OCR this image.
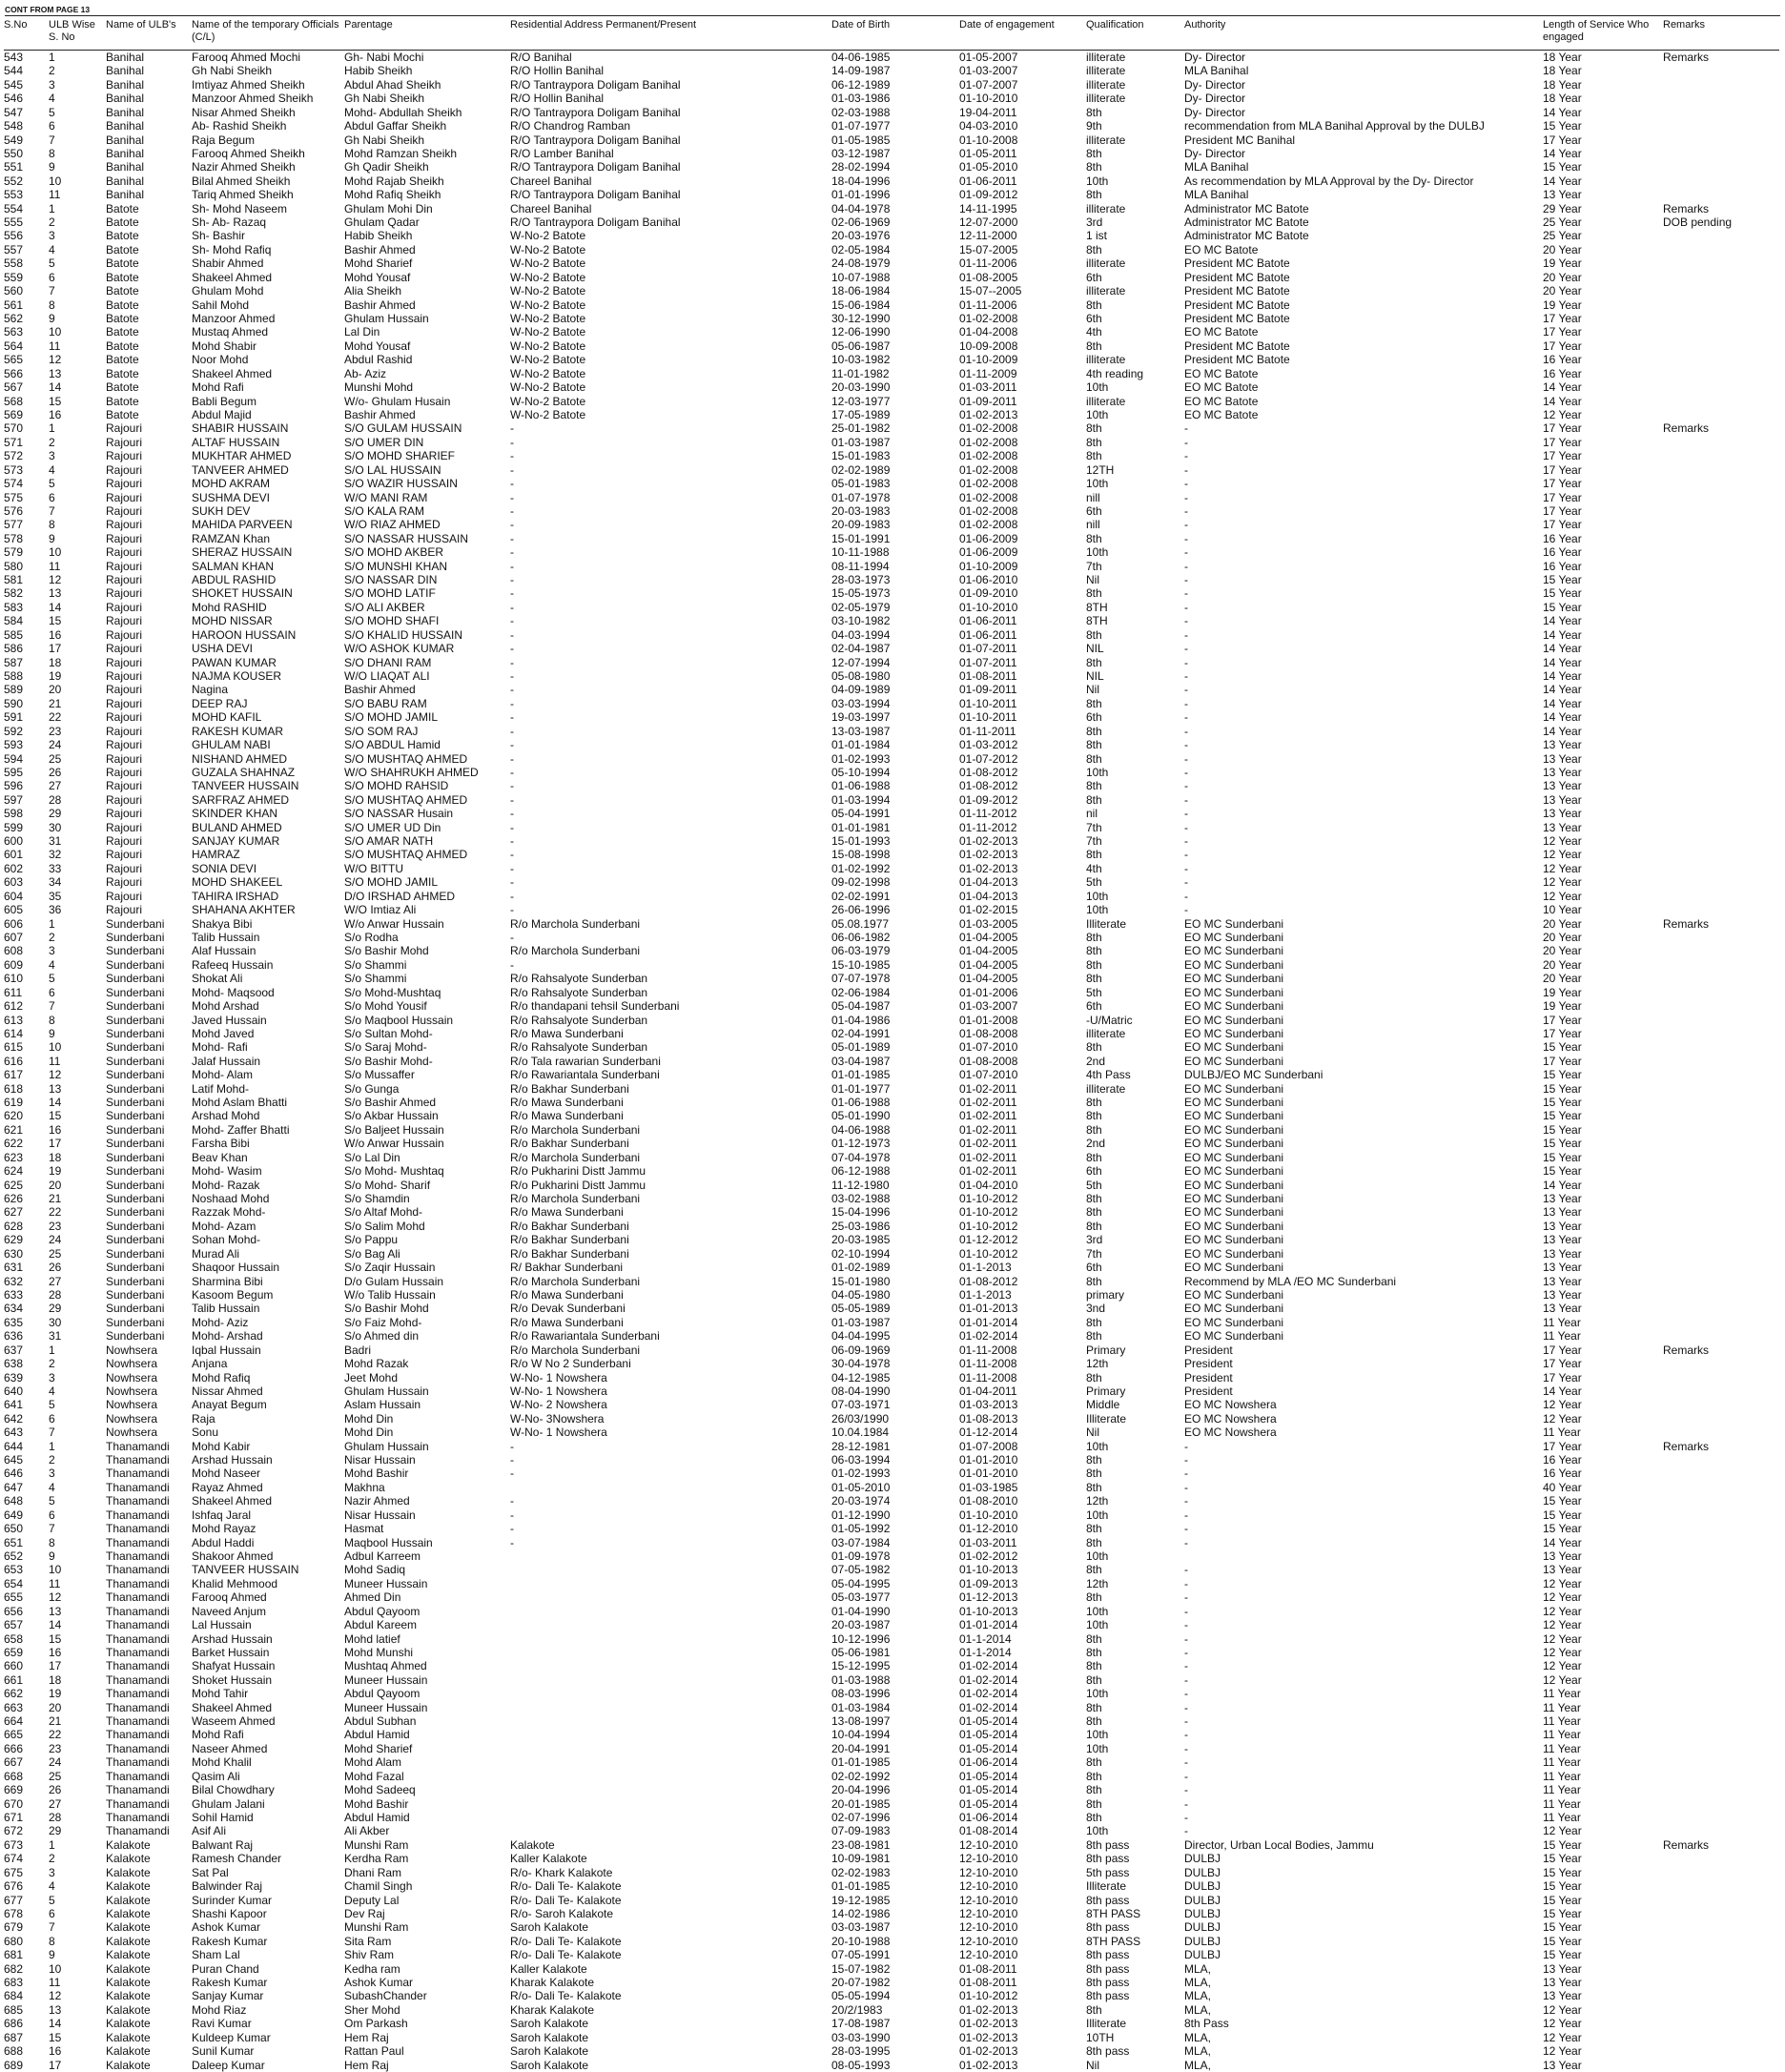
CONT FROM PAGE 13
S.No	ULB Wise S. No	Name of ULB's	Name of the temporary Officials (C/L)	Parentage	Residential Address Permanent/Present	Date of Birth	Date of engagement	Qualification	Authority	Length of Service Who engaged	Remarks
543	1	Banihal	Farooq Ahmed Mochi	Gh- Nabi Mochi	R/O Banihal	04-06-1985	01-05-2007	illiterate	Dy- Director	18 Year	Remarks
544	2	Banihal	Gh Nabi Sheikh	Habib Sheikh	R/O Hollin Banihal	14-09-1987	01-03-2007	illiterate	MLA Banihal	18 Year	
545	3	Banihal	Imtiyaz Ahmed Sheikh	Abdul Ahad Sheikh	R/O Tantraypora Doligam Banihal	06-12-1989	01-07-2007	illiterate	Dy- Director	18 Year	
546	4	Banihal	Manzoor Ahmed Sheikh	Gh Nabi Sheikh	R/O Hollin Banihal	01-03-1986	01-10-2010	illiterate	Dy- Director	18 Year	
547	5	Banihal	Nisar Ahmed Sheikh	Mohd- Abdullah Sheikh	R/O Tantraypora Doligam Banihal	02-03-1988	19-04-2011	8th	Dy- Director	14 Year	
548	6	Banihal	Ab- Rashid Sheikh	Abdul Gaffar Sheikh	R/O Chandrog Ramban	01-07-1977	04-03-2010	9th	recommendation from MLA Banihal Approval by the DULBJ	15 Year	
549	7	Banihal	Raja Begum	Gh Nabi Sheikh	R/O Tantraypora Doligam Banihal	01-05-1985	01-10-2008	illiterate	President MC Banihal	17 Year	
550	8	Banihal	Farooq Ahmed Sheikh	Mohd Ramzan Sheikh	R/O Lamber Banihal	03-12-1987	01-05-2011	8th	Dy- Director	14 Year	
551	9	Banihal	Nazir Ahmed Sheikh	Gh Qadir Sheikh	R/O Tantraypora Doligam Banihal	28-02-1994	01-05-2010	8th	MLA Banihal	15 Year	
552	10	Banihal	Bilal Ahmed Sheikh	Mohd Rajab Sheikh	Chareel Banihal	18-04-1996	01-06-2011	10th	As recommendation by MLA Approval by the Dy- Director	14 Year	
553	11	Banihal	Tariq Ahmed Sheikh	Mohd Rafiq Sheikh	R/O Tantraypora Doligam Banihal	01-01-1996	01-09-2012	8th	MLA Banihal	13 Year	
554	1	Batote	Sh- Mohd Naseem	Ghulam Mohi Din	Chareel Banihal	04-04-1978	14-11-1995	illiterate	Administrator MC Batote	29 Year	Remarks
555	2	Batote	Sh- Ab- Razaq	Ghulam Qadar	R/O Tantraypora Doligam Banihal	02-06-1969	12-07-2000	3rd	Administrator MC Batote	25 Year	DOB pending
556	3	Batote	Sh- Bashir	Habib Sheikh	W-No-2 Batote	20-03-1976	12-11-2000	1 ist	Administrator MC Batote	25 Year	
557	4	Batote	Sh- Mohd Rafiq	Bashir Ahmed	W-No-2 Batote	02-05-1984	15-07-2005	8th	EO MC Batote	20 Year	
558	5	Batote	Shabir Ahmed	Mohd Sharief	W-No-2 Batote	24-08-1979	01-11-2006	illiterate	President MC Batote	19 Year	
559	6	Batote	Shakeel Ahmed	Mohd Yousaf	W-No-2 Batote	10-07-1988	01-08-2005	6th	President MC Batote	20 Year	
560	7	Batote	Ghulam Mohd	Alia Sheikh	W-No-2 Batote	18-06-1984	15-07--2005	illiterate	President MC Batote	20 Year	
561	8	Batote	Sahil Mohd	Bashir Ahmed	W-No-2 Batote	15-06-1984	01-11-2006	8th	President MC Batote	19 Year	
562	9	Batote	Manzoor Ahmed	Ghulam Hussain	W-No-2 Batote	30-12-1990	01-02-2008	6th	President MC Batote	17 Year	
563	10	Batote	Mustaq Ahmed	Lal Din	W-No-2 Batote	12-06-1990	01-04-2008	4th	EO MC Batote	17 Year	
564	11	Batote	Mohd Shabir	Mohd Yousaf	W-No-2 Batote	05-06-1987	10-09-2008	8th	President MC Batote	17 Year	
565	12	Batote	Noor Mohd	Abdul Rashid	W-No-2 Batote	10-03-1982	01-10-2009	illiterate	President MC Batote	16 Year	
566	13	Batote	Shakeel Ahmed	Ab- Aziz	W-No-2 Batote	11-01-1982	01-11-2009	4th reading	EO MC Batote	16 Year	
567	14	Batote	Mohd Rafi	Munshi Mohd	W-No-2 Batote	20-03-1990	01-03-2011	10th	EO MC Batote	14 Year	
568	15	Batote	Babli Begum	W/o- Ghulam Husain	W-No-2 Batote	12-03-1977	01-09-2011	illiterate	EO MC Batote	14 Year	
569	16	Batote	Abdul Majid	Bashir Ahmed	W-No-2 Batote	17-05-1989	01-02-2013	10th	EO MC Batote	12 Year	
570	1	Rajouri	SHABIR HUSSAIN	S/O GULAM HUSSAIN	-	25-01-1982	01-02-2008	8th	-	17 Year	Remarks
571	2	Rajouri	ALTAF HUSSAIN	S/O UMER DIN	-	01-03-1987	01-02-2008	8th	-	17 Year	
572	3	Rajouri	MUKHTAR AHMED	S/O MOHD SHARIEF	-	15-01-1983	01-02-2008	8th	-	17 Year	
573	4	Rajouri	TANVEER AHMED	S/O LAL HUSSAIN	-	02-02-1989	01-02-2008	12TH	-	17 Year	
574	5	Rajouri	MOHD AKRAM	S/O WAZIR HUSSAIN	-	05-01-1983	01-02-2008	10th	-	17 Year	
575	6	Rajouri	SUSHMA DEVI	W/O MANI RAM	-	01-07-1978	01-02-2008	nill	-	17 Year	
576	7	Rajouri	SUKH DEV	S/O KALA RAM	-	20-03-1983	01-02-2008	6th	-	17 Year	
577	8	Rajouri	MAHIDA PARVEEN	W/O RIAZ AHMED	-	20-09-1983	01-02-2008	nill	-	17 Year	
578	9	Rajouri	RAMZAN Khan	S/O NASSAR HUSSAIN	-	15-01-1991	01-06-2009	8th	-	16 Year	
579	10	Rajouri	SHERAZ HUSSAIN	S/O MOHD AKBER	-	10-11-1988	01-06-2009	10th	-	16 Year	
580	11	Rajouri	SALMAN KHAN	S/O MUNSHI KHAN	-	08-11-1994	01-10-2009	7th	-	16 Year	
581	12	Rajouri	ABDUL RASHID	S/O NASSAR DIN	-	28-03-1973	01-06-2010	Nil	-	15 Year	
582	13	Rajouri	SHOKET HUSSAIN	S/O MOHD LATIF	-	15-05-1973	01-09-2010	8th	-	15 Year	
583	14	Rajouri	Mohd RASHID	S/O ALI AKBER	-	02-05-1979	01-10-2010	8TH	-	15 Year	
584	15	Rajouri	MOHD NISSAR	S/O MOHD SHAFI	-	03-10-1982	01-06-2011	8TH	-	14 Year	
585	16	Rajouri	HAROON HUSSAIN	S/O KHALID HUSSAIN	-	04-03-1994	01-06-2011	8th	-	14 Year	
586	17	Rajouri	USHA DEVI	W/O ASHOK KUMAR	-	02-04-1987	01-07-2011	NIL	-	14 Year	
587	18	Rajouri	PAWAN KUMAR	S/O DHANI RAM	-	12-07-1994	01-07-2011	8th	-	14 Year	
588	19	Rajouri	NAJMA KOUSER	W/O LIAQAT ALI	-	05-08-1980	01-08-2011	NIL	-	14 Year	
589	20	Rajouri	Nagina	Bashir Ahmed	-	04-09-1989	01-09-2011	Nil	-	14 Year	
590	21	Rajouri	DEEP RAJ	S/O BABU RAM	-	03-03-1994	01-10-2011	8th	-	14 Year	
591	22	Rajouri	MOHD KAFIL	S/O MOHD JAMIL	-	19-03-1997	01-10-2011	6th	-	14 Year	
592	23	Rajouri	RAKESH KUMAR	S/O SOM RAJ	-	13-03-1987	01-11-2011	8th	-	14 Year	
593	24	Rajouri	GHULAM NABI	S/O ABDUL Hamid	-	01-01-1984	01-03-2012	8th	-	13 Year	
594	25	Rajouri	NISHAND AHMED	S/O MUSHTAQ AHMED	-	01-02-1993	01-07-2012	8th	-	13 Year	
595	26	Rajouri	GUZALA SHAHNAZ	W/O SHAHRUKH AHMED	-	05-10-1994	01-08-2012	10th	-	13 Year	
596	27	Rajouri	TANVEER HUSSAIN	S/O MOHD RAHSID	-	01-06-1988	01-08-2012	8th	-	13 Year	
597	28	Rajouri	SARFRAZ AHMED	S/O MUSHTAQ AHMED	-	01-03-1994	01-09-2012	8th	-	13 Year	
598	29	Rajouri	SKINDER KHAN	S/O NASSAR Husain	-	05-04-1991	01-11-2012	nil	-	13 Year	
599	30	Rajouri	BULAND AHMED	S/O UMER UD Din	-	01-01-1981	01-11-2012	7th	-	13 Year	
600	31	Rajouri	SANJAY KUMAR	S/O AMAR NATH	-	15-01-1993	01-02-2013	7th	-	12 Year	
601	32	Rajouri	HAMRAZ	S/O MUSHTAQ AHMED	-	15-08-1998	01-02-2013	8th	-	12 Year	
602	33	Rajouri	SONIA DEVI	W/O BITTU	-	01-02-1992	01-02-2013	4th	-	12 Year	
603	34	Rajouri	MOHD SHAKEEL	S/O MOHD JAMIL	-	09-02-1998	01-04-2013	5th	-	12 Year	
604	35	Rajouri	TAHIRA IRSHAD	D/O IRSHAD AHMED	-	02-02-1991	01-04-2013	10th	-	12 Year	
605	36	Rajouri	SHAHANA AKHTER	W/O Imtiaz Ali	-	26-06-1996	01-02-2015	10th	-	10 Year	
606	1	Sunderbani	Shakya Bibi	W/o Anwar Hussain	R/o Marchola Sunderbani	05.08.1977	01-03-2005	Illiterate	EO MC Sunderbani	20 Year	Remarks
607	2	Sunderbani	Talib Hussain	S/o Rodha	-	06-06-1982	01-04-2005	8th	EO MC Sunderbani	20 Year	
608	3	Sunderbani	Alaf Hussain	S/o Bashir Mohd	R/o Marchola Sunderbani	06-03-1979	01-04-2005	8th	EO MC Sunderbani	20 Year	
609	4	Sunderbani	Rafeeq Hussain	S/o Shammi	-	15-10-1985	01-04-2005	8th	EO MC Sunderbani	20 Year	
610	5	Sunderbani	Shokat Ali	S/o Shammi	R/o Rahsalyote Sunderban	07-07-1978	01-04-2005	8th	EO MC Sunderbani	20 Year	
611	6	Sunderbani	Mohd- Maqsood	S/o Mohd-Mushtaq	R/o Rahsalyote Sunderban	02-06-1984	01-01-2006	5th	EO MC Sunderbani	19 Year	
612	7	Sunderbani	Mohd Arshad	S/o Mohd Yousif	R/o thandapani tehsil Sunderbani	05-04-1987	01-03-2007	6th	EO MC Sunderbani	19 Year	
613	8	Sunderbani	Javed Hussain	S/o Maqbool Hussain	R/o Rahsalyote Sunderban	01-04-1986	01-01-2008	-U/Matric	EO MC Sunderbani	17 Year	
614	9	Sunderbani	Mohd Javed	S/o Sultan Mohd-	R/o Mawa Sunderbani	02-04-1991	01-08-2008	illiterate	EO MC Sunderbani	17 Year	
615	10	Sunderbani	Mohd- Rafi	S/o Saraj Mohd-	R/o Rahsalyote Sunderban	05-01-1989	01-07-2010	8th	EO MC Sunderbani	15 Year	
616	11	Sunderbani	Jalaf Hussain	S/o Bashir Mohd-	R/o Tala rawarian Sunderbani	03-04-1987	01-08-2008	2nd	EO MC Sunderbani	17 Year	
617	12	Sunderbani	Mohd- Alam	S/o Mussaffer	R/o Rawariantala Sunderbani	01-01-1985	01-07-2010	4th Pass	DULBJ/EO MC Sunderbani	15 Year	
618	13	Sunderbani	Latif Mohd-	S/o Gunga	R/o Bakhar Sunderbani	01-01-1977	01-02-2011	illiterate	EO MC Sunderbani	15 Year	
619	14	Sunderbani	Mohd Aslam Bhatti	S/o Bashir Ahmed	R/o Mawa Sunderbani	01-06-1988	01-02-2011	8th	EO MC Sunderbani	15 Year	
620	15	Sunderbani	Arshad Mohd	S/o Akbar Hussain	R/o Mawa Sunderbani	05-01-1990	01-02-2011	8th	EO MC Sunderbani	15 Year	
621	16	Sunderbani	Mohd- Zaffer Bhatti	S/o Baljeet Hussain	R/o Marchola Sunderbani	04-06-1988	01-02-2011	8th	EO MC Sunderbani	15 Year	
622	17	Sunderbani	Farsha Bibi	W/o Anwar Hussain	R/o Bakhar Sunderbani	01-12-1973	01-02-2011	2nd	EO MC Sunderbani	15 Year	
623	18	Sunderbani	Beav Khan	S/o Lal Din	R/o Marchola Sunderbani	07-04-1978	01-02-2011	8th	EO MC Sunderbani	15 Year	
624	19	Sunderbani	Mohd- Wasim	S/o Mohd- Mushtaq	R/o Pukharini Distt Jammu	06-12-1988	01-02-2011	6th	EO MC Sunderbani	15 Year	
625	20	Sunderbani	Mohd- Razak	S/o Mohd- Sharif	R/o Pukharini Distt Jammu	11-12-1980	01-04-2010	5th	EO MC Sunderbani	14 Year	
626	21	Sunderbani	Noshaad Mohd	S/o Shamdin	R/o Marchola Sunderbani	03-02-1988	01-10-2012	8th	EO MC Sunderbani	13 Year	
627	22	Sunderbani	Razzak Mohd-	S/o Altaf Mohd-	R/o Mawa Sunderbani	15-04-1996	01-10-2012	8th	EO MC Sunderbani	13 Year	
628	23	Sunderbani	Mohd- Azam	S/o Salim Mohd	R/o Bakhar Sunderbani	25-03-1986	01-10-2012	8th	EO MC Sunderbani	13 Year	
629	24	Sunderbani	Sohan Mohd-	S/o Pappu	R/o Bakhar Sunderbani	20-03-1985	01-12-2012	3rd	EO MC Sunderbani	13 Year	
630	25	Sunderbani	Murad Ali	S/o Bag Ali	R/o Bakhar Sunderbani	02-10-1994	01-10-2012	7th	EO MC Sunderbani	13 Year	
631	26	Sunderbani	Shaqoor Hussain	S/o Zaqir Hussain	R/ Bakhar Sunderbani	01-02-1989	01-1-2013	6th	EO MC Sunderbani	13 Year	
632	27	Sunderbani	Sharmina Bibi	D/o Gulam Hussain	R/o Marchola Sunderbani	15-01-1980	01-08-2012	8th	Recommend by MLA /EO MC Sunderbani	13 Year	
633	28	Sunderbani	Kasoom Begum	W/o Talib Hussain	R/o Mawa Sunderbani	04-05-1980	01-1-2013	primary	EO MC Sunderbani	13 Year	
634	29	Sunderbani	Talib Hussain	S/o Bashir Mohd	R/o Devak Sunderbani	05-05-1989	01-01-2013	3nd	EO MC Sunderbani	13 Year	
635	30	Sunderbani	Mohd- Aziz	S/o Faiz Mohd-	R/o Mawa Sunderbani	01-03-1987	01-01-2014	8th	EO MC Sunderbani	11 Year	
636	31	Sunderbani	Mohd- Arshad	S/o Ahmed din	R/o Rawariantala Sunderbani	04-04-1995	01-02-2014	8th	EO MC Sunderbani	11 Year	
637	1	Nowhsera	Iqbal Hussain	Badri	R/o Marchola Sunderbani	06-09-1969	01-11-2008	Primary	President	17 Year	Remarks
638	2	Nowhsera	Anjana	Mohd Razak	R/o W No 2 Sunderbani	30-04-1978	01-11-2008	12th	President	17 Year	
639	3	Nowhsera	Mohd Rafiq	Jeet Mohd	W-No- 1 Nowshera	04-12-1985	01-11-2008	8th	President	17 Year	
640	4	Nowhsera	Nissar Ahmed	Ghulam Hussain	W-No- 1 Nowshera	08-04-1990	01-04-2011	Primary	President	14 Year	
641	5	Nowhsera	Anayat Begum	Aslam Hussain	W-No- 2 Nowshera	07-03-1971	01-03-2013	Middle	EO MC Nowshera	12 Year	
642	6	Nowhsera	Raja	Mohd Din	W-No- 3Nowshera	26/03/1990	01-08-2013	Illiterate	EO MC Nowshera	12 Year	
643	7	Nowhsera	Sonu	Mohd Din	W-No- 1 Nowshera	10.04.1984	01-12-2014	Nil	EO MC Nowshera	11 Year	
644	1	Thanamandi	Mohd Kabir	Ghulam Hussain	-	28-12-1981	01-07-2008	10th	-	17 Year	Remarks
645	2	Thanamandi	Arshad Hussain	Nisar Hussain	-	06-03-1994	01-01-2010	8th	-	16 Year	
646	3	Thanamandi	Mohd Naseer	Mohd Bashir	-	01-02-1993	01-01-2010	8th	-	16 Year	
647	4	Thanamandi	Rayaz Ahmed	Makhna		01-05-2010	01-03-1985	8th	-	40 Year	
648	5	Thanamandi	Shakeel Ahmed	Nazir Ahmed	-	20-03-1974	01-08-2010	12th	-	15 Year	
649	6	Thanamandi	Ishfaq Jaral	Nisar Hussain	-	01-12-1990	01-10-2010	10th	-	15 Year	
650	7	Thanamandi	Mohd Rayaz	Hasmat	-	01-05-1992	01-12-2010	8th	-	15 Year	
651	8	Thanamandi	Abdul Haddi	Maqbool Hussain	-	03-07-1984	01-03-2011	8th	-	14 Year	
652	9	Thanamandi	Shakoor Ahmed	Adbul Karreem		01-09-1978	01-02-2012	10th		13 Year	
653	10	Thanamandi	TANVEER HUSSAIN	Mohd Sadiq		07-05-1982	01-10-2013	8th	-	13 Year	
654	11	Thanamandi	Khalid Mehmood	Muneer Hussain		05-04-1995	01-09-2013	12th	-	12 Year	
655	12	Thanamandi	Farooq Ahmed	Ahmed Din		05-03-1977	01-12-2013	8th	-	12 Year	
656	13	Thanamandi	Naveed Anjum	Abdul Qayoom		01-04-1990	01-10-2013	10th	-	12 Year	
657	14	Thanamandi	Lal Hussain	Abdul Kareem		20-03-1987	01-01-2014	10th	-	12 Year	
658	15	Thanamandi	Arshad Hussain	Mohd latief		10-12-1996	01-1-2014	8th	-	12 Year	
659	16	Thanamandi	Barket Hussain	Mohd Munshi		05-06-1981	01-1-2014	8th	-	12 Year	
660	17	Thanamandi	Shafyat Hussain	Mushtaq Ahmed		15-12-1995	01-02-2014	8th	-	12 Year	
661	18	Thanamandi	Shoket Hussain	Muneer Hussain		01-03-1988	01-02-2014	8th	-	12 Year	
662	19	Thanamandi	Mohd Tahir	Abdul Qayoom		08-03-1996	01-02-2014	10th	-	11 Year	
663	20	Thanamandi	Shakeel Ahmed	Muneer Hussain		01-03-1984	01-02-2014	8th	-	11 Year	
664	21	Thanamandi	Waseem Ahmed	Abdul Subhan		13-08-1997	01-05-2014	8th	-	11 Year	
665	22	Thanamandi	Mohd Rafi	Abdul Hamid		10-04-1994	01-05-2014	10th	-	11 Year	
666	23	Thanamandi	Naseer Ahmed	Mohd Sharief		20-04-1991	01-05-2014	10th	-	11 Year	
667	24	Thanamandi	Mohd Khalil	Mohd Alam		01-01-1985	01-06-2014	8th	-	11 Year	
668	25	Thanamandi	Qasim Ali	Mohd Fazal		02-02-1992	01-05-2014	8th	-	11 Year	
669	26	Thanamandi	Bilal Chowdhary	Mohd Sadeeq		20-04-1996	01-05-2014	8th	-	11 Year	
670	27	Thanamandi	Ghulam Jalani	Mohd Bashir		20-01-1985	01-05-2014	8th	-	11 Year	
671	28	Thanamandi	Sohil Hamid	Abdul Hamid		02-07-1996	01-06-2014	8th	-	11 Year	
672	29	Thanamandi	Asif Ali	Ali Akber		07-09-1983	01-08-2014	10th	-	12 Year	
673	1	Kalakote	Balwant Raj	Munshi Ram	Kalakote	23-08-1981	12-10-2010	8th pass	Director, Urban Local Bodies, Jammu	15 Year	Remarks
674	2	Kalakote	Ramesh Chander	Kerdha Ram	Kaller Kalakote	10-09-1981	12-10-2010	8th pass	DULBJ	15 Year	
675	3	Kalakote	Sat Pal	Dhani Ram	R/o- Khark Kalakote	02-02-1983	12-10-2010	5th pass	DULBJ	15 Year	
676	4	Kalakote	Balwinder Raj	Chamil Singh	R/o- Dali Te- Kalakote	01-01-1985	12-10-2010	Illiterate	DULBJ	15 Year	
677	5	Kalakote	Surinder Kumar	Deputy Lal	R/o- Dali Te- Kalakote	19-12-1985	12-10-2010	8th pass	DULBJ	15 Year	
678	6	Kalakote	Shashi Kapoor	Dev Raj	R/o- Saroh Kalakote	14-02-1986	12-10-2010	8TH PASS	DULBJ	15 Year	
679	7	Kalakote	Ashok Kumar	Munshi Ram	Saroh Kalakote	03-03-1987	12-10-2010	8th pass	DULBJ	15 Year	
680	8	Kalakote	Rakesh Kumar	Sita Ram	R/o- Dali Te- Kalakote	20-10-1988	12-10-2010	8TH PASS	DULBJ	15 Year	
681	9	Kalakote	Sham Lal	Shiv Ram	R/o- Dali Te- Kalakote	07-05-1991	12-10-2010	8th pass	DULBJ	15 Year	
682	10	Kalakote	Puran Chand	Kedha ram	Kaller Kalakote	15-07-1982	01-08-2011	8th pass	MLA,	13 Year	
683	11	Kalakote	Rakesh Kumar	Ashok Kumar	Kharak Kalakote	20-07-1982	01-08-2011	8th pass	MLA,	13 Year	
684	12	Kalakote	Sanjay Kumar	SubashChander	R/o- Dali Te- Kalakote	05-05-1994	01-10-2012	8th pass	MLA,	13 Year	
685	13	Kalakote	Mohd Riaz	Sher Mohd	Kharak Kalakote	20/2/1983	01-02-2013	8th	MLA,	12 Year	
686	14	Kalakote	Ravi Kumar	Om Parkash	Saroh Kalakote	17-08-1987	01-02-2013	Illiterate	8th Pass	12 Year	
687	15	Kalakote	Kuldeep Kumar	Hem Raj	Saroh Kalakote	03-03-1990	01-02-2013	10TH	MLA,	12 Year	
688	16	Kalakote	Sunil Kumar	Rattan Paul	Saroh Kalakote	28-03-1995	01-02-2013	8th pass	MLA,	12 Year	
689	17	Kalakote	Daleep Kumar	Hem Raj	Saroh Kalakote	08-05-1993	01-02-2013	Nil	MLA,	13 Year	
